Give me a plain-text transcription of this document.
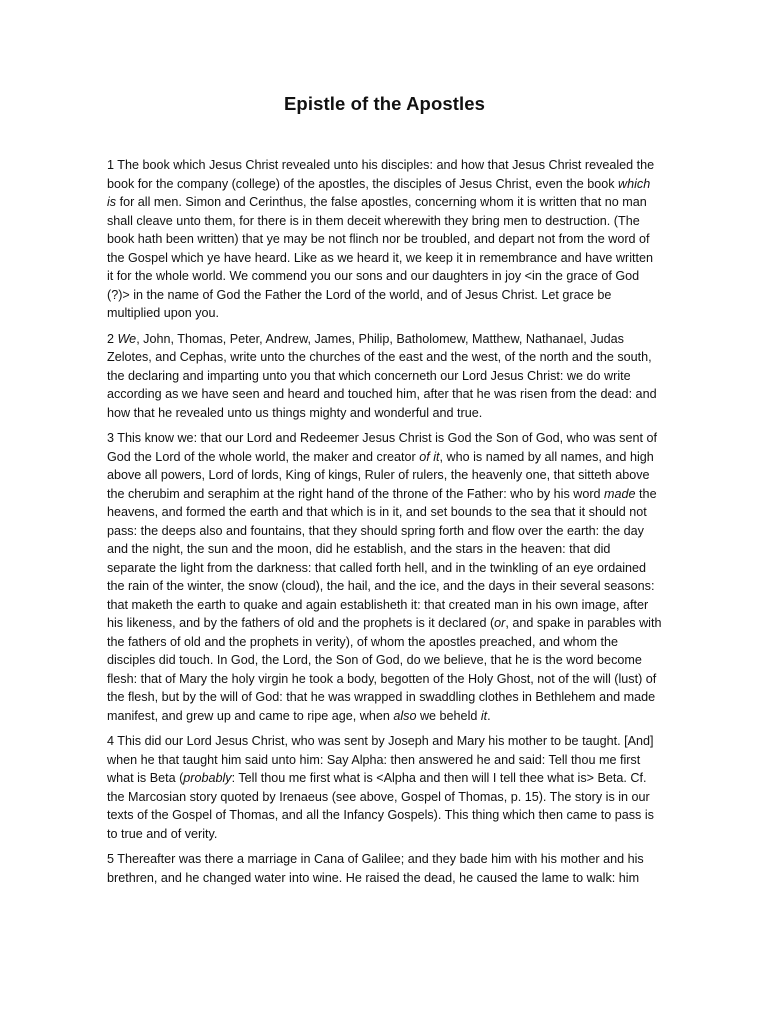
Epistle of the Apostles

1 The book which Jesus Christ revealed unto his disciples: and how that Jesus Christ revealed the book for the company (college) of the apostles, the disciples of Jesus Christ, even the book which is for all men. Simon and Cerinthus, the false apostles, concerning whom it is written that no man shall cleave unto them, for there is in them deceit wherewith they bring men to destruction. (The book hath been written) that ye may be not flinch nor be troubled, and depart not from the word of the Gospel which ye have heard. Like as we heard it, we keep it in remembrance and have written it for the whole world. We commend you our sons and our daughters in joy <in the grace of God (?)> in the name of God the Father the Lord of the world, and of Jesus Christ. Let grace be multiplied upon you.

2 We, John, Thomas, Peter, Andrew, James, Philip, Batholomew, Matthew, Nathanael, Judas Zelotes, and Cephas, write unto the churches of the east and the west, of the north and the south, the declaring and imparting unto you that which concerneth our Lord Jesus Christ: we do write according as we have seen and heard and touched him, after that he was risen from the dead: and how that he revealed unto us things mighty and wonderful and true.

3 This know we: that our Lord and Redeemer Jesus Christ is God the Son of God, who was sent of God the Lord of the whole world, the maker and creator of it, who is named by all names, and high above all powers, Lord of lords, King of kings, Ruler of rulers, the heavenly one, that sitteth above the cherubim and seraphim at the right hand of the throne of the Father: who by his word made the heavens, and formed the earth and that which is in it, and set bounds to the sea that it should not pass: the deeps also and fountains, that they should spring forth and flow over the earth: the day and the night, the sun and the moon, did he establish, and the stars in the heaven: that did separate the light from the darkness: that called forth hell, and in the twinkling of an eye ordained the rain of the winter, the snow (cloud), the hail, and the ice, and the days in their several seasons: that maketh the earth to quake and again establisheth it: that created man in his own image, after his likeness, and by the fathers of old and the prophets is it declared (or, and spake in parables with the fathers of old and the prophets in verity), of whom the apostles preached, and whom the disciples did touch. In God, the Lord, the Son of God, do we believe, that he is the word become flesh: that of Mary the holy virgin he took a body, begotten of the Holy Ghost, not of the will (lust) of the flesh, but by the will of God: that he was wrapped in swaddling clothes in Bethlehem and made manifest, and grew up and came to ripe age, when also we beheld it.

4 This did our Lord Jesus Christ, who was sent by Joseph and Mary his mother to be taught. [And] when he that taught him said unto him: Say Alpha: then answered he and said: Tell thou me first what is Beta (probably: Tell thou me first what is <Alpha and then will I tell thee what is> Beta. Cf. the Marcosian story quoted by Irenaeus (see above, Gospel of Thomas, p. 15). The story is in our texts of the Gospel of Thomas, and all the Infancy Gospels). This thing which then came to pass is to true and of verity.

5 Thereafter was there a marriage in Cana of Galilee; and they bade him with his mother and his brethren, and he changed water into wine. He raised the dead, he caused the lame to walk: him
